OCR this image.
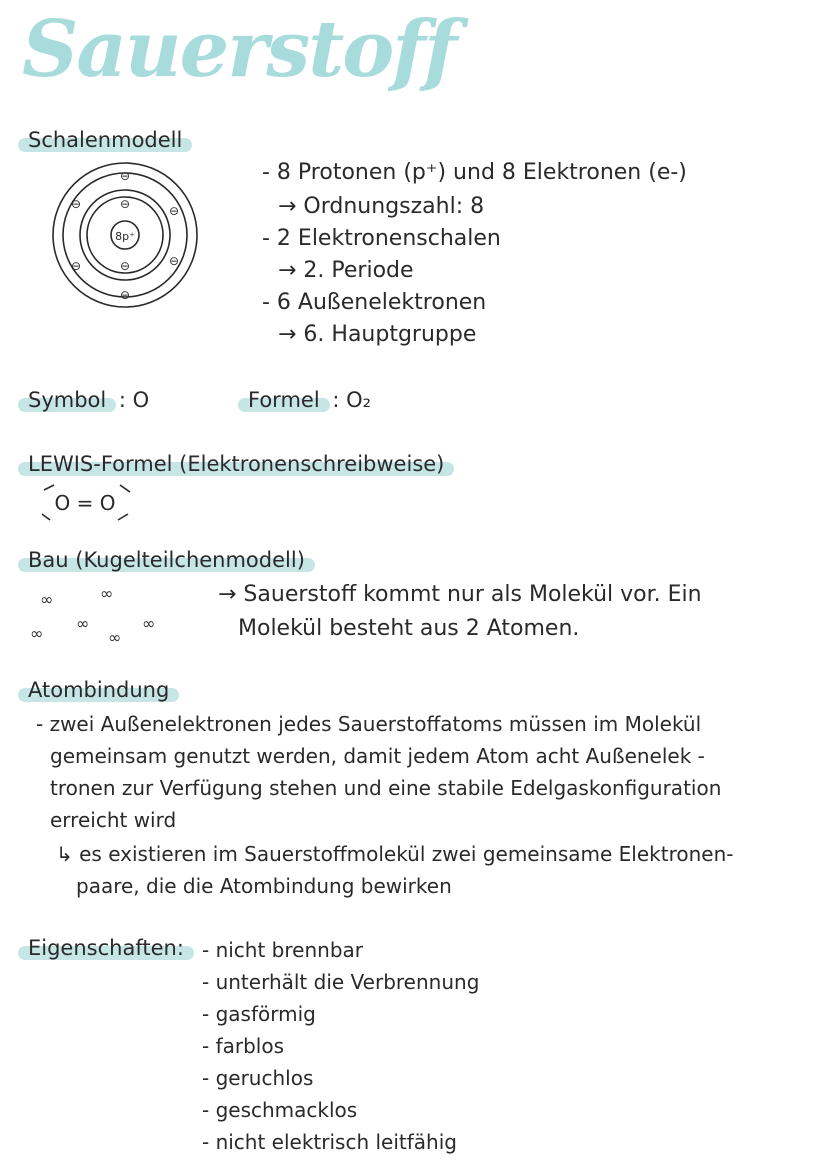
Sauerstoff
Schalenmodell
8p⁺
⊖
⊖
⊖
⊖
⊖	⊖
⊖	⊖
- 8 Protonen (p⁺) und 8 Elektronen (e-)
→ Ordnungszahl: 8
- 2 Elektronenschalen
→ 2. Periode
- 6 Außenelektronen
→ 6. Hauptgruppe
Symbol : O	Formel : O₂
LEWIS-Formel (Elektronenschreibweise)
O = O
Bau (Kugelteilchenmodell)
∞	∞
∞
∞
∞
∞
→ Sauerstoff kommt nur als Molekül vor. Ein
Molekül besteht aus 2 Atomen.
Atombindung
- zwei Außenelektronen jedes Sauerstoffatoms müssen im Molekül
gemeinsam genutzt werden, damit jedem Atom acht Außenelek -
tronen zur Verfügung stehen und eine stabile Edelgaskonfiguration
erreicht wird
↳ es existieren im Sauerstoffmolekül zwei gemeinsame Elektronen-
paare, die die Atombindung bewirken
Eigenschaften: - nicht brennbar
- unterhält die Verbrennung
- gasförmig
- farblos
- geruchlos
- geschmacklos
- nicht elektrisch leitfähig
